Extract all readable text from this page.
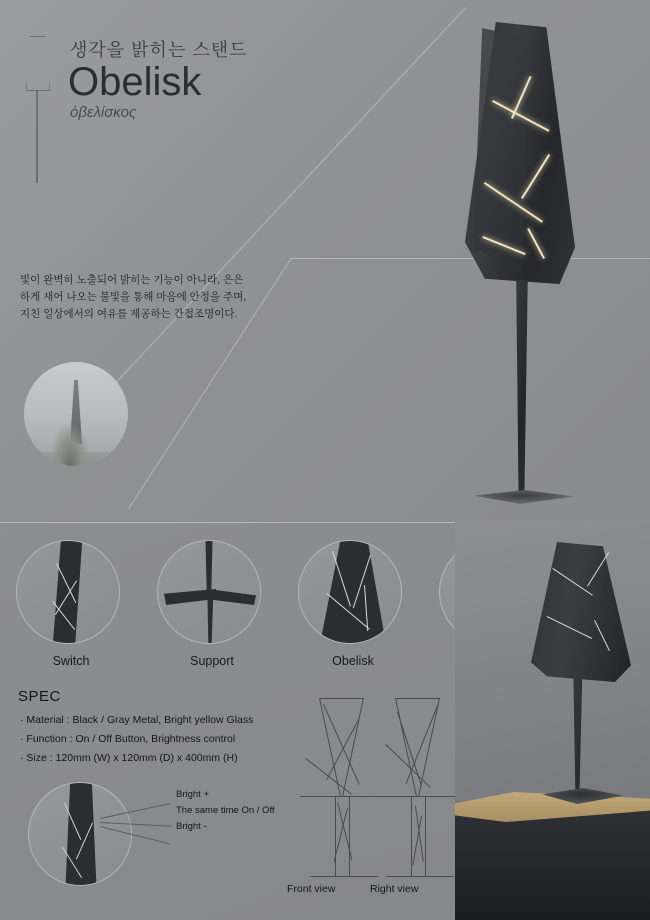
생각을 밝히는 스탠드
Obelisk
ὀβελίσκος
빛이 완벽히 노출되어 밝히는 기능이 아니라, 은은하게 새어 나오는 불빛을 통해 마음에 안정을 주며, 지친 일상에서의 여유를 제공하는 간접조명이다.
Switch	Support	Obelisk
SPEC
· Material : Black / Gray Metal, Bright yellow Glass
· Function : On / Off Button, Brightness control
· Size : 120mm (W) x 120mm (D) x 400mm (H)
Bright +
The same time On / Off
Bright -
Front view	Right view
